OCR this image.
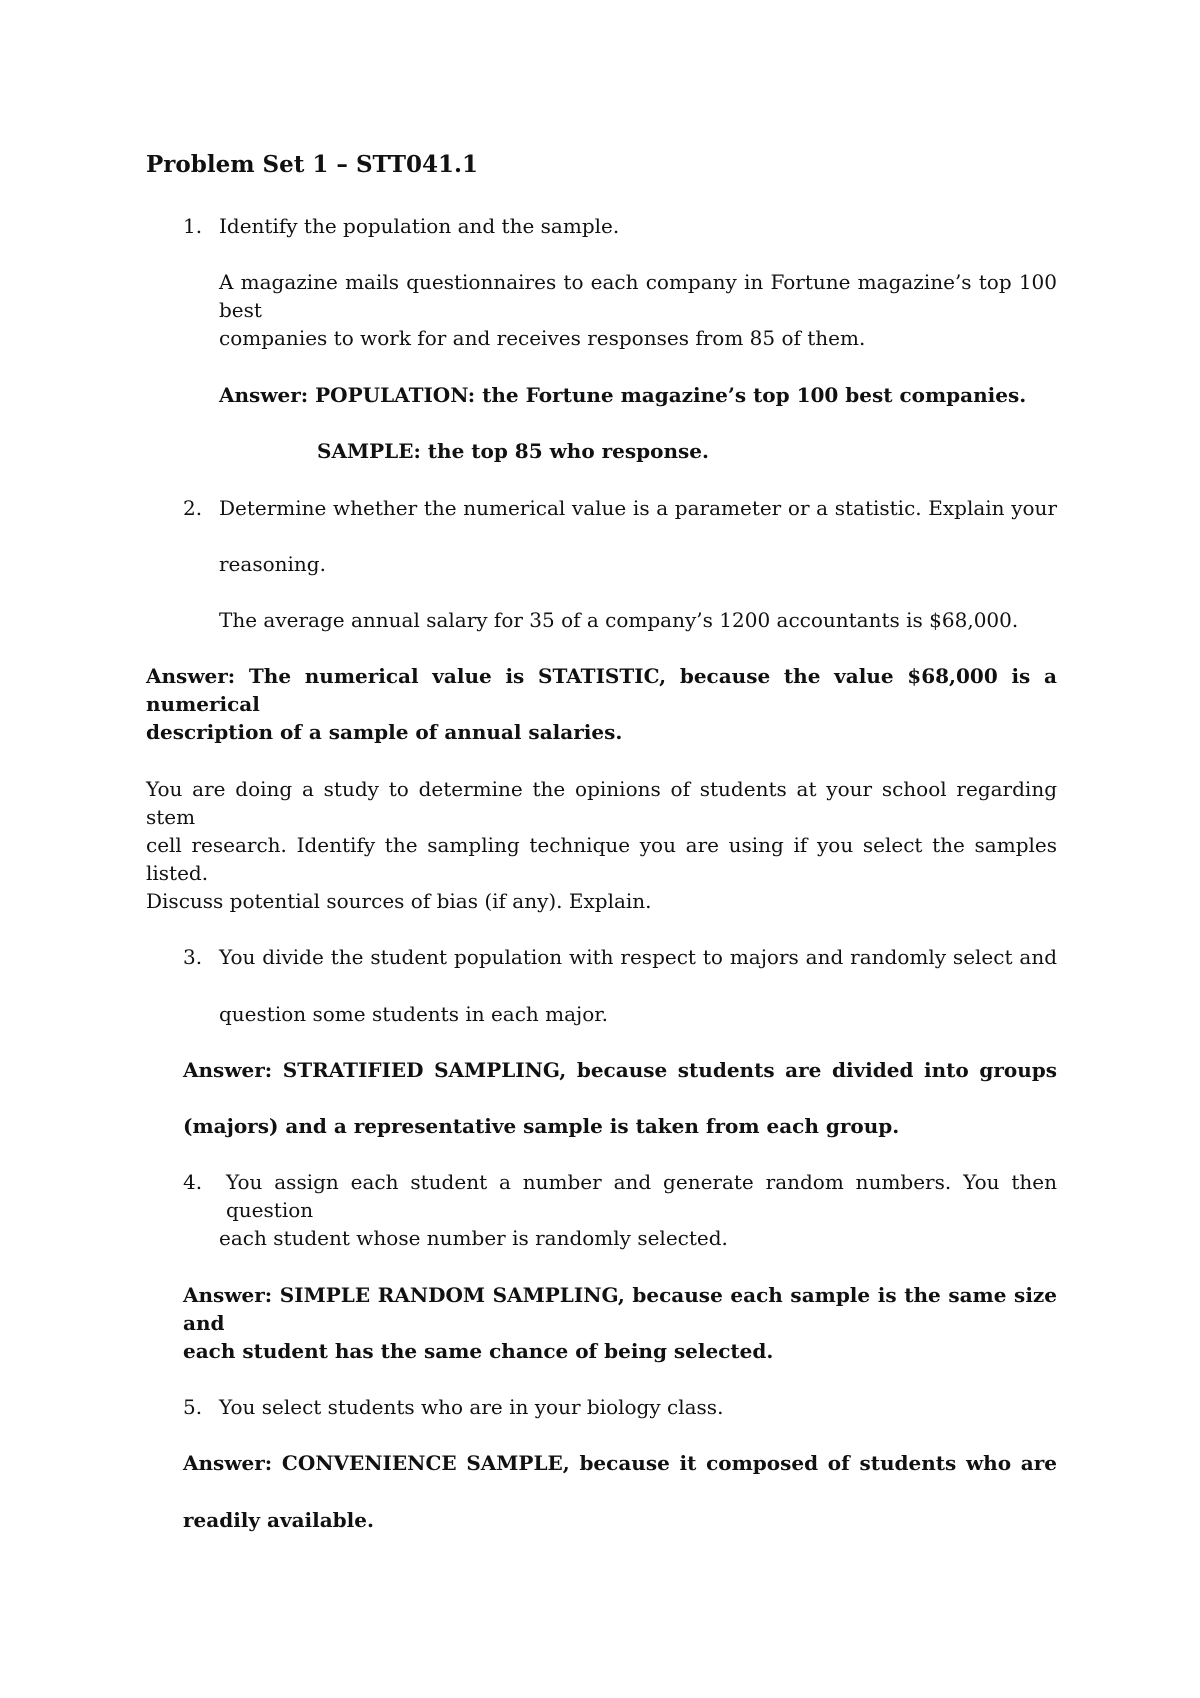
Problem Set 1 – STT041.1
1. Identify the population and the sample.
A magazine mails questionnaires to each company in Fortune magazine’s top 100 best
companies to work for and receives responses from 85 of them.
Answer: POPULATION: the Fortune magazine’s top 100 best companies.
SAMPLE: the top 85 who response.
2. Determine whether the numerical value is a parameter or a statistic. Explain your
reasoning.
The average annual salary for 35 of a company’s 1200 accountants is $68,000.
Answer: The numerical value is STATISTIC, because the value $68,000 is a numerical
description of a sample of annual salaries.
You are doing a study to determine the opinions of students at your school regarding stem
cell research. Identify the sampling technique you are using if you select the samples listed.
Discuss potential sources of bias (if any). Explain.
3. You divide the student population with respect to majors and randomly select and
question some students in each major.
Answer: STRATIFIED SAMPLING, because students are divided into groups
(majors) and a representative sample is taken from each group.
4. You assign each student a number and generate random numbers. You then question
each student whose number is randomly selected.
Answer: SIMPLE RANDOM SAMPLING, because each sample is the same size and
each student has the same chance of being selected.
5. You select students who are in your biology class.
Answer: CONVENIENCE SAMPLE, because it composed of students who are
readily available.
